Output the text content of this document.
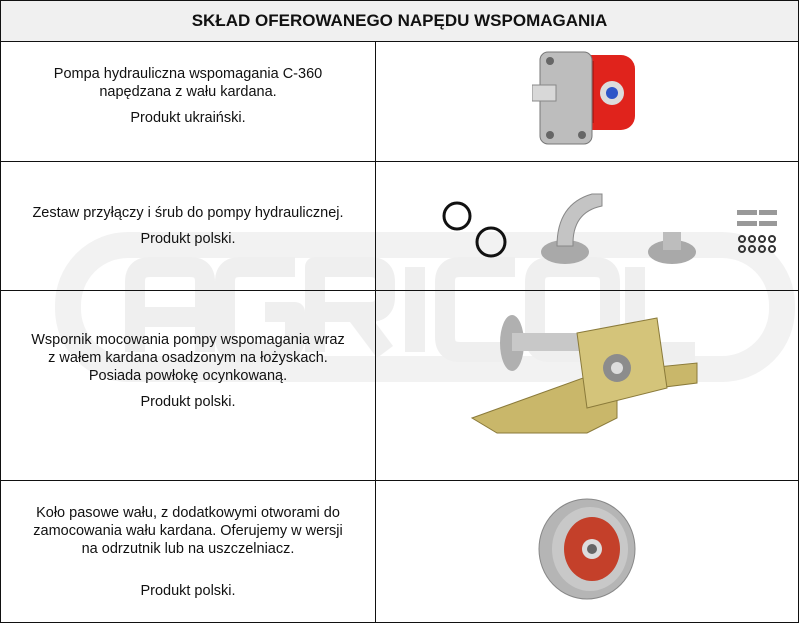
SKŁAD OFEROWANEGO NAPĘDU WSPOMAGANIA	

Pompa hydrauliczna wspomagania C-360

napędzana z wału kardana.

Produkt ukraiński.

Zestaw przyłączy i śrub do pompy hydraulicznej.

Produkt polski.

Wspornik mocowania pompy wspomagania wraz

z wałem kardana osadzonym na łożyskach.

Posiada powłokę ocynkowaną.

Produkt polski.

Koło pasowe wału, z dodatkowymi otworami do

zamocowania wału kardana. Oferujemy w wersji

na odrzutnik lub na uszczelniacz.

Produkt polski.
